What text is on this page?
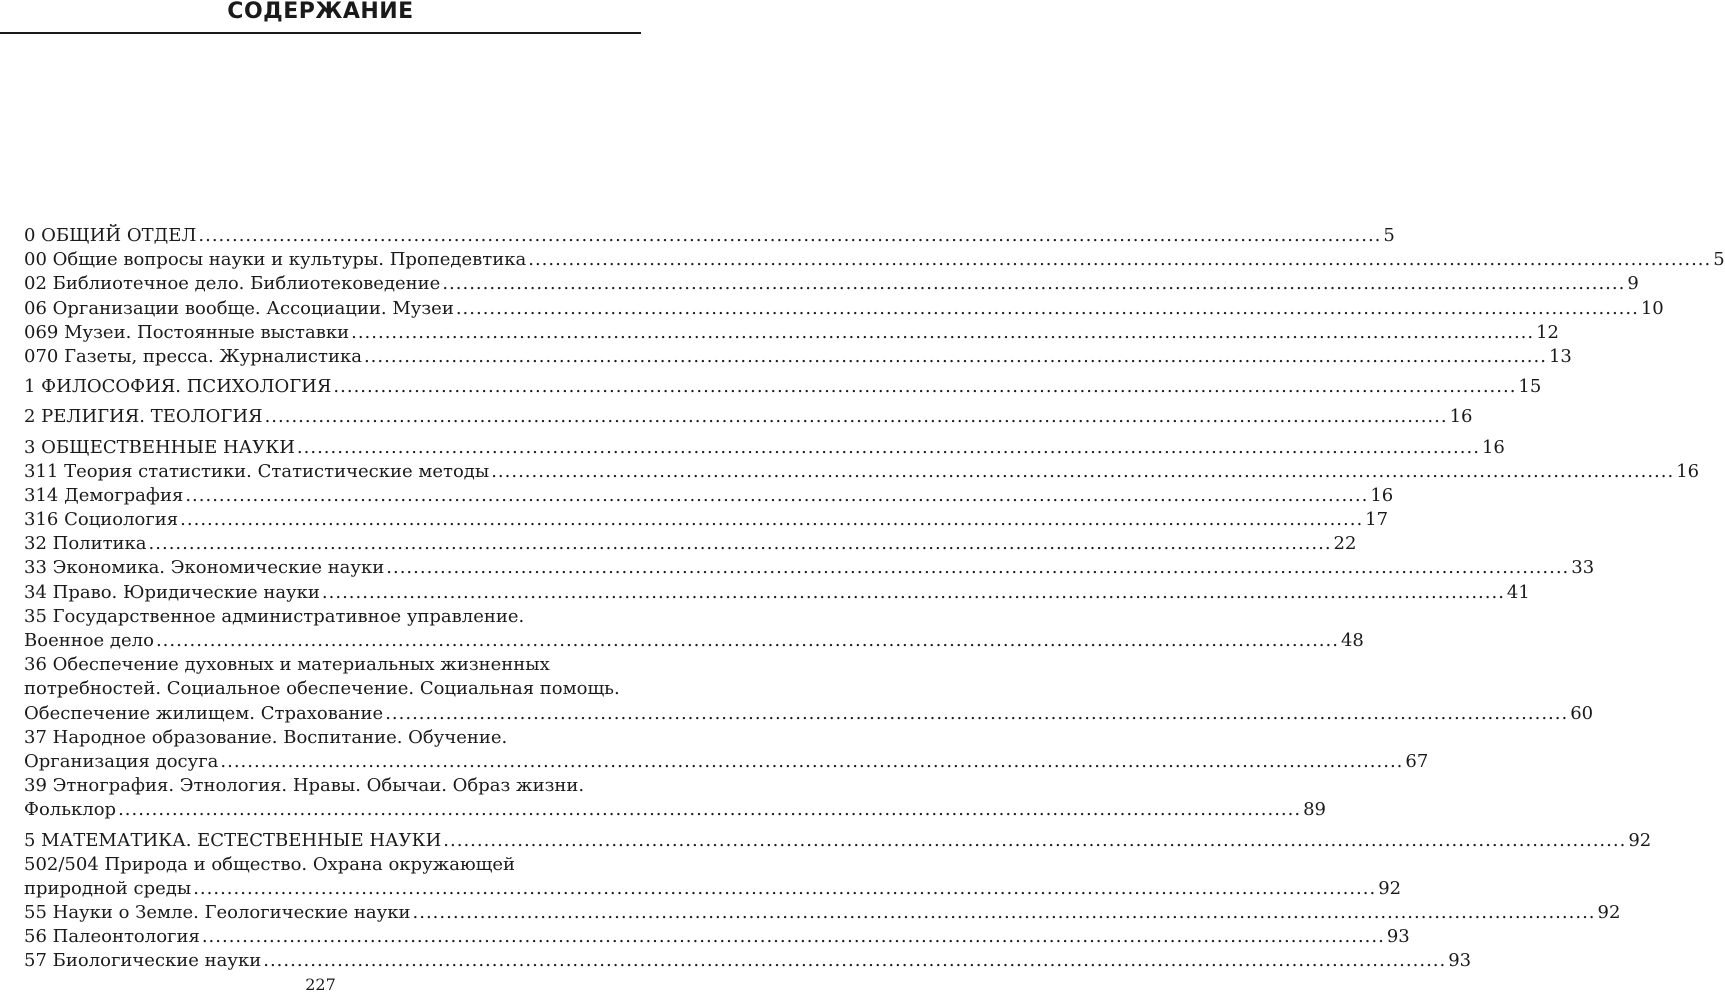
СОДЕРЖАНИЕ
0 ОБЩИЙ ОТДЕЛ .....	5
00 Общие вопросы науки и культуры. Пропедевтика .....	5
02 Библиотечное дело. Библиотековедение .....	9
06 Организации вообще. Ассоциации. Музеи .....	10
069 Музеи. Постоянные выставки .....	12
070 Газеты, пресса. Журналистика .....	13
1 ФИЛОСОФИЯ. ПСИХОЛОГИЯ .....	15
2 РЕЛИГИЯ. ТЕОЛОГИЯ .....	16
3 ОБЩЕСТВЕННЫЕ НАУКИ .....	16
311 Теория статистики. Статистические методы .....	16
314 Демография .....	16
316 Социология .....	17
32 Политика .....	22
33 Экономика. Экономические науки .....	33
34 Право. Юридические науки .....	41
35 Государственное административное управление.
Военное дело .....	48
36 Обеспечение духовных и материальных жизненных
потребностей. Социальное обеспечение. Социальная помощь.
Обеспечение жилищем. Страхование .....	60
37 Народное образование. Воспитание. Обучение.
Организация досуга .....	67
39 Этнография. Этнология. Нравы. Обычаи. Образ жизни.
Фольклор .....	89
5 МАТЕМАТИКА. ЕСТЕСТВЕННЫЕ НАУКИ .....	92
502/504 Природа и общество. Охрана окружающей
природной среды .....	92
55 Науки о Земле. Геологические науки .....	92
56 Палеонтология .....	93
57 Биологические науки .....	93
227
